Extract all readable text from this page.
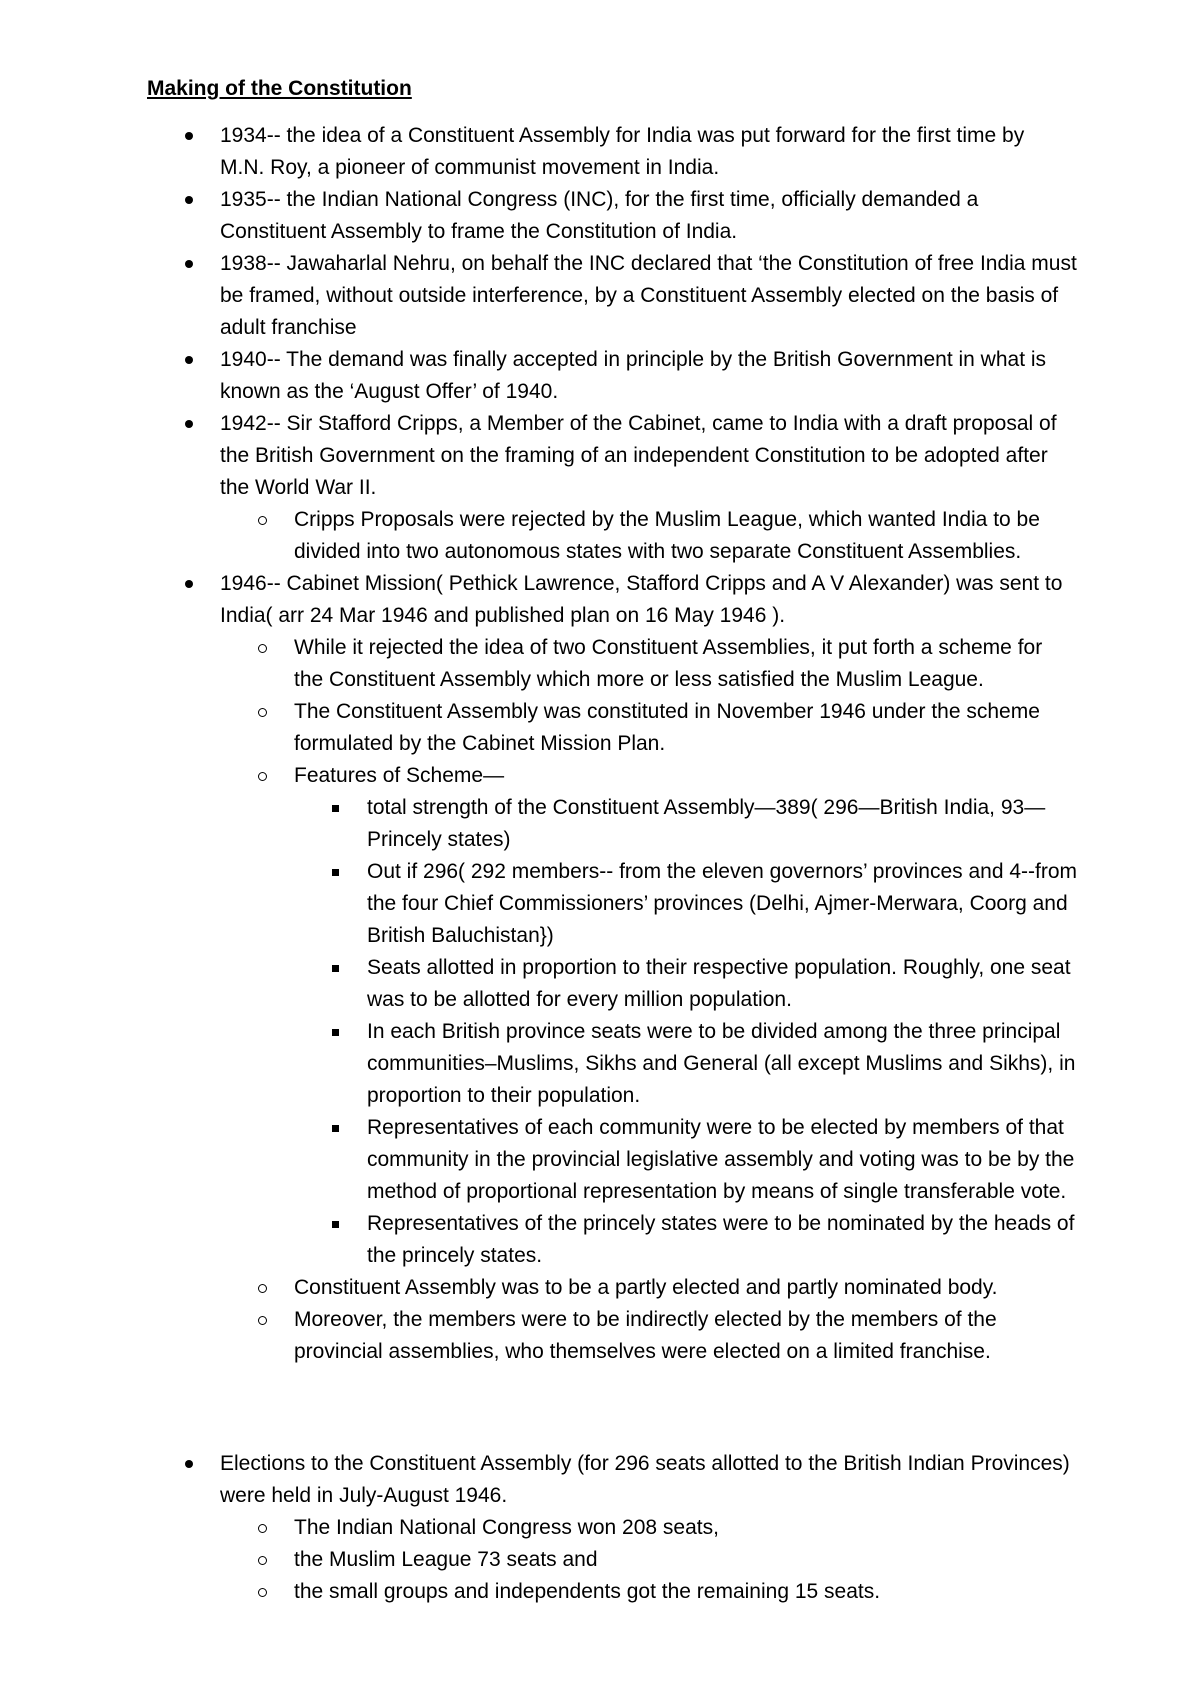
Making of the Constitution
1934-- the idea of a Constituent Assembly for India was put forward for the first time by
M.N. Roy, a pioneer of communist movement in India.
1935-- the Indian National Congress (INC), for the first time, officially demanded a
Constituent Assembly to frame the Constitution of India.
1938-- Jawaharlal Nehru, on behalf the INC declared that ‘the Constitution of free India must
be framed, without outside interference, by a Constituent Assembly elected on the basis of
adult franchise
1940-- The demand was finally accepted in principle by the British Government in what is
known as the ‘August Offer’ of 1940.
1942-- Sir Stafford Cripps, a Member of the Cabinet, came to India with a draft proposal of
the British Government on the framing of an independent Constitution to be adopted after
the World War II.
Cripps Proposals were rejected by the Muslim League, which wanted India to be
divided into two autonomous states with two separate Constituent Assemblies.
1946-- Cabinet Mission( Pethick Lawrence, Stafford Cripps and A V Alexander) was sent to
India( arr 24 Mar 1946 and published plan on 16 May 1946 ).
While it rejected the idea of two Constituent Assemblies, it put forth a scheme for
the Constituent Assembly which more or less satisfied the Muslim League.
The Constituent Assembly was constituted in November 1946 under the scheme
formulated by the Cabinet Mission Plan.
Features of Scheme—
total strength of the Constituent Assembly—389( 296—British India, 93—
Princely states)
Out if 296( 292 members-- from the eleven governors’ provinces and 4--from
the four Chief Commissioners’ provinces (Delhi, Ajmer-Merwara, Coorg and
British Baluchistan})
Seats allotted in proportion to their respective population. Roughly, one seat
was to be allotted for every million population.
In each British province seats were to be divided among the three principal
communities–Muslims, Sikhs and General (all except Muslims and Sikhs), in
proportion to their population.
Representatives of each community were to be elected by members of that
community in the provincial legislative assembly and voting was to be by the
method of proportional representation by means of single transferable vote.
Representatives of the princely states were to be nominated by the heads of
the princely states.
Constituent Assembly was to be a partly elected and partly nominated body.
Moreover, the members were to be indirectly elected by the members of the
provincial assemblies, who themselves were elected on a limited franchise.
Elections to the Constituent Assembly (for 296 seats allotted to the British Indian Provinces)
were held in July-August 1946.
The Indian National Congress won 208 seats,
the Muslim League 73 seats and
the small groups and independents got the remaining 15 seats.
